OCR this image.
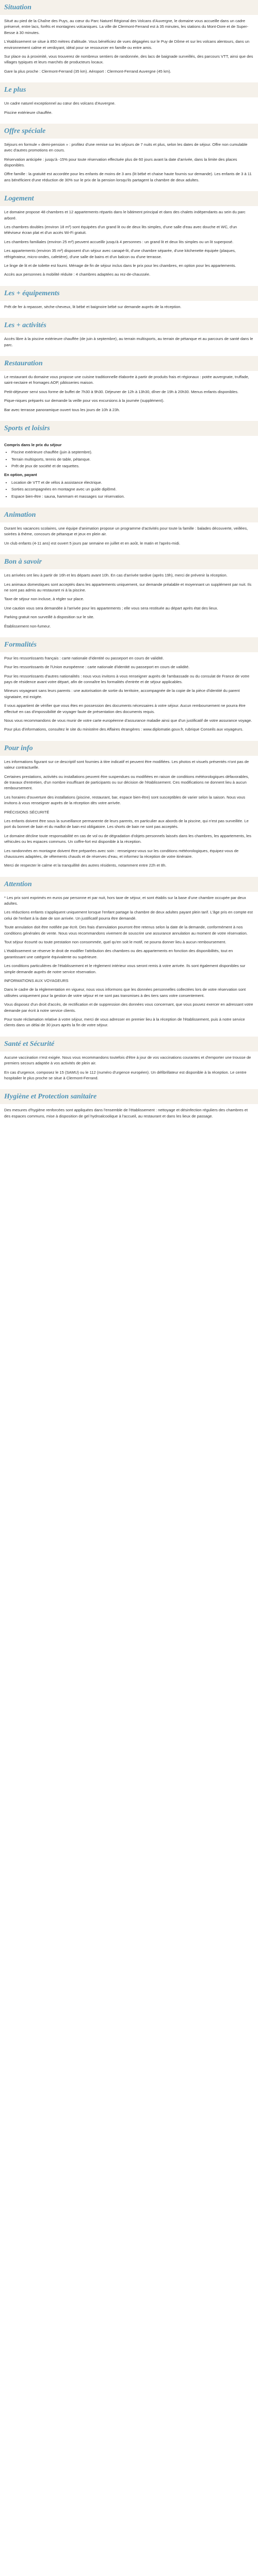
Situation

Situé au pied de la Chaîne des Puys, au cœur du Parc Naturel Régional des Volcans d'Auvergne, le domaine vous accueille dans un cadre préservé, entre lacs, forêts et montagnes volcaniques. La ville de Clermont-Ferrand est à 35 minutes, les stations du Mont-Dore et de Super-Besse à 30 minutes.

L'établissement se situe à 850 mètres d'altitude. Vous bénéficiez de vues dégagées sur le Puy de Dôme et sur les volcans alentours, dans un environnement calme et verdoyant, idéal pour se ressourcer en famille ou entre amis.

Sur place ou à proximité, vous trouverez de nombreux sentiers de randonnée, des lacs de baignade surveillés, des parcours VTT, ainsi que des villages typiques et leurs marchés de producteurs locaux.

Gare la plus proche : Clermont-Ferrand (35 km). Aéroport : Clermont-Ferrand Auvergne (45 km).

Le plus

Un cadre naturel exceptionnel au cœur des volcans d'Auvergne.

Piscine extérieure chauffée.

Offre spéciale

Séjours en formule « demi-pension » : profitez d'une remise sur les séjours de 7 nuits et plus, selon les dates de séjour. Offre non cumulable avec d'autres promotions en cours.

Réservation anticipée : jusqu'à -15% pour toute réservation effectuée plus de 60 jours avant la date d'arrivée, dans la limite des places disponibles.

Offre famille : la gratuité est accordée pour les enfants de moins de 3 ans (lit bébé et chaise haute fournis sur demande). Les enfants de 3 à 11 ans bénéficient d'une réduction de 30% sur le prix de la pension lorsqu'ils partagent la chambre de deux adultes.

Logement

Le domaine propose 48 chambres et 12 appartements répartis dans le bâtiment principal et dans des chalets indépendants au sein du parc arboré.

Les chambres doubles (environ 18 m²) sont équipées d'un grand lit ou de deux lits simples, d'une salle d'eau avec douche et WC, d'un téléviseur écran plat et d'un accès Wi-Fi gratuit.

Les chambres familiales (environ 25 m²) peuvent accueillir jusqu'à 4 personnes : un grand lit et deux lits simples ou un lit superposé.

Les appartements (environ 35 m²) disposent d'un séjour avec canapé-lit, d'une chambre séparée, d'une kitchenette équipée (plaques, réfrigérateur, micro-ondes, cafetière), d'une salle de bains et d'un balcon ou d'une terrasse.

Le linge de lit et de toilette est fourni. Ménage de fin de séjour inclus dans le prix pour les chambres, en option pour les appartements.

Accès aux personnes à mobilité réduite : 4 chambres adaptées au rez-de-chaussée.

Les + équipements

Prêt de fer à repasser, sèche-cheveux, lit bébé et baignoire bébé sur demande auprès de la réception.

Les + activités

Accès libre à la piscine extérieure chauffée (de juin à septembre), au terrain multisports, au terrain de pétanque et au parcours de santé dans le parc.

Restauration

Le restaurant du domaine vous propose une cuisine traditionnelle élaborée à partir de produits frais et régionaux : potée auvergnate, truffade, saint-nectaire et fromages AOP, pâtisseries maison.

Petit-déjeuner servi sous forme de buffet de 7h30 à 9h30. Déjeuner de 12h à 13h30, dîner de 19h à 20h30. Menus enfants disponibles.

Pique-niques préparés sur demande la veille pour vos excursions à la journée (supplément).

Bar avec terrasse panoramique ouvert tous les jours de 10h à 23h.

Sports et loisirs
Compris dans le prix du séjour
• Piscine extérieure chauffée (juin à septembre).
• Terrain multisports, tennis de table, pétanque.
• Prêt de jeux de société et de raquettes.
En option, payant
• Location de VTT et de vélos à assistance électrique.
• Sorties accompagnées en montagne avec un guide diplômé.
• Espace bien-être : sauna, hammam et massages sur réservation.
Animation

Durant les vacances scolaires, une équipe d'animation propose un programme d'activités pour toute la famille : balades découverte, veillées, soirées à thème, concours de pétanque et jeux en plein air.

Un club enfants (4-11 ans) est ouvert 5 jours par semaine en juillet et en août, le matin et l'après-midi.

Bon à savoir

Les arrivées ont lieu à partir de 16h et les départs avant 10h. En cas d'arrivée tardive (après 19h), merci de prévenir la réception.

Les animaux domestiques sont acceptés dans les appartements uniquement, sur demande préalable et moyennant un supplément par nuit. Ils ne sont pas admis au restaurant ni à la piscine.

Taxe de séjour non incluse, à régler sur place.

Une caution vous sera demandée à l'arrivée pour les appartements ; elle vous sera restituée au départ après état des lieux.

Parking gratuit non surveillé à disposition sur le site.

Établissement non-fumeur.

Formalités

Pour les ressortissants français : carte nationale d'identité ou passeport en cours de validité.

Pour les ressortissants de l'Union européenne : carte nationale d'identité ou passeport en cours de validité.

Pour les ressortissants d'autres nationalités : nous vous invitons à vous renseigner auprès de l'ambassade ou du consulat de France de votre pays de résidence avant votre départ, afin de connaître les formalités d'entrée et de séjour applicables.

Mineurs voyageant sans leurs parents : une autorisation de sortie du territoire, accompagnée de la copie de la pièce d'identité du parent signataire, est exigée.

Il vous appartient de vérifier que vous êtes en possession des documents nécessaires à votre séjour. Aucun remboursement ne pourra être effectué en cas d'impossibilité de voyager faute de présentation des documents requis.

Nous vous recommandons de vous munir de votre carte européenne d'assurance maladie ainsi que d'un justificatif de votre assurance voyage.

Pour plus d'informations, consultez le site du ministère des Affaires étrangères : www.diplomatie.gouv.fr, rubrique Conseils aux voyageurs.

Pour info

Les informations figurant sur ce descriptif sont fournies à titre indicatif et peuvent être modifiées. Les photos et visuels présentés n'ont pas de valeur contractuelle.

Certaines prestations, activités ou installations peuvent être suspendues ou modifiées en raison de conditions météorologiques défavorables, de travaux d'entretien, d'un nombre insuffisant de participants ou sur décision de l'établissement. Ces modifications ne donnent lieu à aucun remboursement.

Les horaires d'ouverture des installations (piscine, restaurant, bar, espace bien-être) sont susceptibles de varier selon la saison. Nous vous invitons à vous renseigner auprès de la réception dès votre arrivée.

PRÉCISIONS SÉCURITÉ

Les enfants doivent être sous la surveillance permanente de leurs parents, en particulier aux abords de la piscine, qui n'est pas surveillée. Le port du bonnet de bain et du maillot de bain est obligatoire. Les shorts de bain ne sont pas acceptés.

Le domaine décline toute responsabilité en cas de vol ou de dégradation d'objets personnels laissés dans les chambres, les appartements, les véhicules ou les espaces communs. Un coffre-fort est disponible à la réception.

Les randonnées en montagne doivent être préparées avec soin : renseignez-vous sur les conditions météorologiques, équipez-vous de chaussures adaptées, de vêtements chauds et de réserves d'eau, et informez la réception de votre itinéraire.

Merci de respecter le calme et la tranquillité des autres résidents, notamment entre 22h et 8h.

Attention

* Les prix sont exprimés en euros par personne et par nuit, hors taxe de séjour, et sont établis sur la base d'une chambre occupée par deux adultes.

Les réductions enfants s'appliquent uniquement lorsque l'enfant partage la chambre de deux adultes payant plein tarif. L'âge pris en compte est celui de l'enfant à la date de son arrivée. Un justificatif pourra être demandé.

Toute annulation doit être notifiée par écrit. Des frais d'annulation pourront être retenus selon la date de la demande, conformément à nos conditions générales de vente. Nous vous recommandons vivement de souscrire une assurance annulation au moment de votre réservation.

Tout séjour écourté ou toute prestation non consommée, quel qu'en soit le motif, ne pourra donner lieu à aucun remboursement.

L'établissement se réserve le droit de modifier l'attribution des chambres ou des appartements en fonction des disponibilités, tout en garantissant une catégorie équivalente ou supérieure.

Les conditions particulières de l'établissement et le règlement intérieur vous seront remis à votre arrivée. Ils sont également disponibles sur simple demande auprès de notre service réservation.

INFORMATIONS AUX VOYAGEURS

Dans le cadre de la réglementation en vigueur, nous vous informons que les données personnelles collectées lors de votre réservation sont utilisées uniquement pour la gestion de votre séjour et ne sont pas transmises à des tiers sans votre consentement.

Vous disposez d'un droit d'accès, de rectification et de suppression des données vous concernant, que vous pouvez exercer en adressant votre demande par écrit à notre service clients.

Pour toute réclamation relative à votre séjour, merci de vous adresser en premier lieu à la réception de l'établissement, puis à notre service clients dans un délai de 30 jours après la fin de votre séjour.

Santé et Sécurité

Aucune vaccination n'est exigée. Nous vous recommandons toutefois d'être à jour de vos vaccinations courantes et d'emporter une trousse de premiers secours adaptée à vos activités de plein air.

En cas d'urgence, composez le 15 (SAMU) ou le 112 (numéro d'urgence européen). Un défibrillateur est disponible à la réception. Le centre hospitalier le plus proche se situe à Clermont-Ferrand.

Hygiène et Protection sanitaire

Des mesures d'hygiène renforcées sont appliquées dans l'ensemble de l'établissement : nettoyage et désinfection réguliers des chambres et des espaces communs, mise à disposition de gel hydroalcoolique à l'accueil, au restaurant et dans les lieux de passage.
